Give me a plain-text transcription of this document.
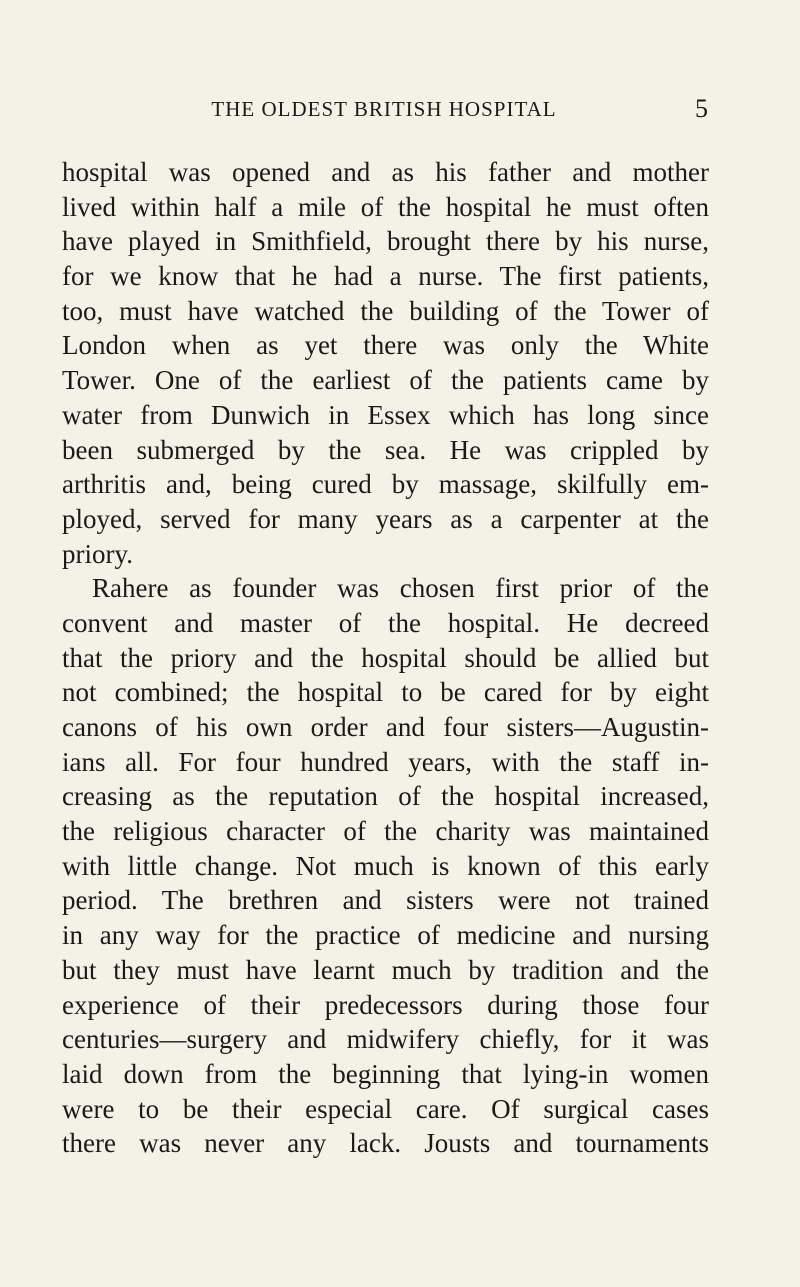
THE OLDEST BRITISH HOSPITAL	5
hospital was opened and as his father and mother
lived within half a mile of the hospital he must often
have played in Smithfield, brought there by his nurse,
for we know that he had a nurse. The first patients,
too, must have watched the building of the Tower of
London when as yet there was only the White
Tower. One of the earliest of the patients came by
water from Dunwich in Essex which has long since
been submerged by the sea. He was crippled by
arthritis and, being cured by massage, skilfully em-
ployed, served for many years as a carpenter at the
priory.
Rahere as founder was chosen first prior of the
convent and master of the hospital. He decreed
that the priory and the hospital should be allied but
not combined; the hospital to be cared for by eight
canons of his own order and four sisters—Augustin-
ians all. For four hundred years, with the staff in-
creasing as the reputation of the hospital increased,
the religious character of the charity was maintained
with little change. Not much is known of this early
period. The brethren and sisters were not trained
in any way for the practice of medicine and nursing
but they must have learnt much by tradition and the
experience of their predecessors during those four
centuries—surgery and midwifery chiefly, for it was
laid down from the beginning that lying-in women
were to be their especial care. Of surgical cases
there was never any lack. Jousts and tournaments
